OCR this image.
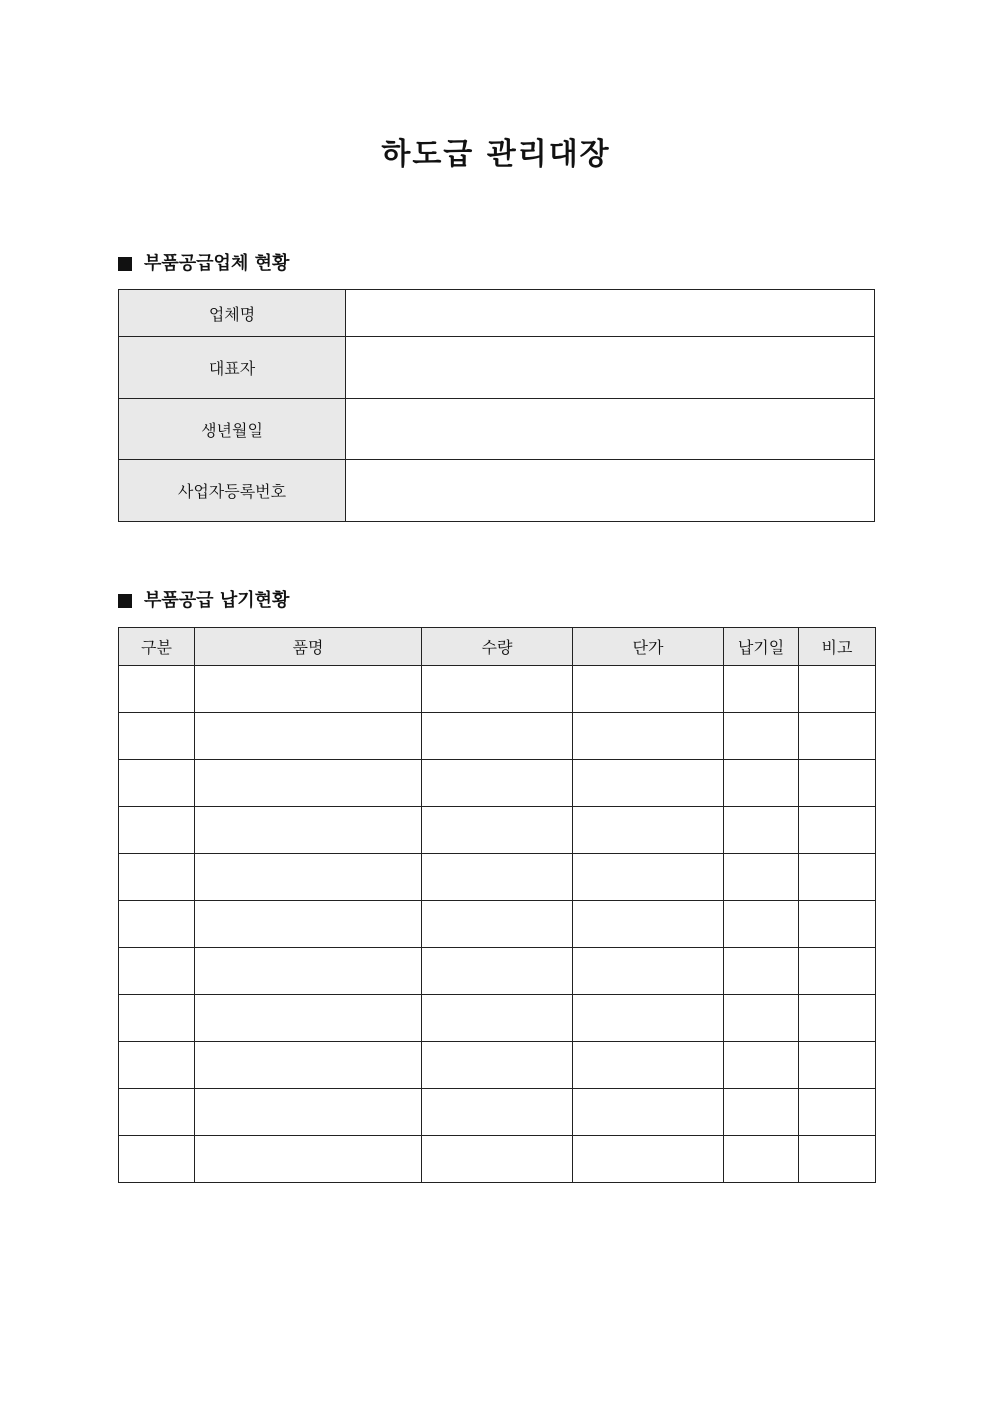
하도급 관리대장
부품공급업체 현황
업체명	
대표자	
생년월일	
사업자등록번호	
부품공급 납기현황
구분	품명	수량	단가	납기일	비고
